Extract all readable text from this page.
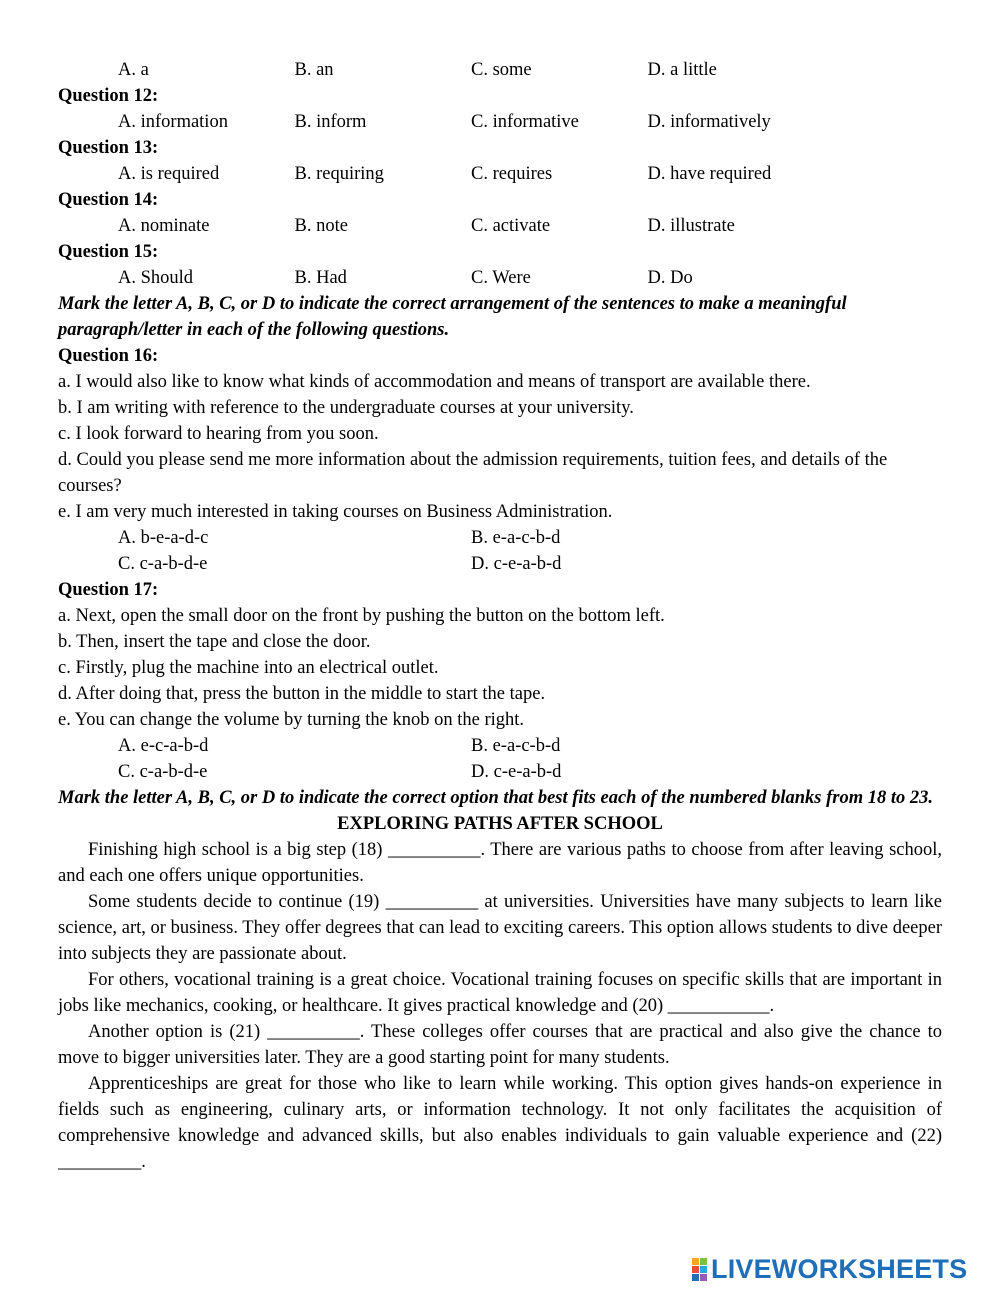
A. a	B. an	C. some	D. a little
Question 12:
A. information	B. inform	C. informative	D. informatively
Question 13:
A. is required	B. requiring	C. requires	D. have required
Question 14:
A. nominate	B. note	C. activate	D. illustrate
Question 15:
A. Should	B. Had	C. Were	D. Do
Mark the letter A, B, C, or D to indicate the correct arrangement of the sentences to make a meaningful paragraph/letter in each of the following questions.
Question 16:
a. I would also like to know what kinds of accommodation and means of transport are available there.
b. I am writing with reference to the undergraduate courses at your university.
c. I look forward to hearing from you soon.
d. Could you please send me more information about the admission requirements, tuition fees, and details of the courses?
e. I am very much interested in taking courses on Business Administration.
A. b-e-a-d-c	B. e-a-c-b-d
C. c-a-b-d-e	D. c-e-a-b-d
Question 17:
a. Next, open the small door on the front by pushing the button on the bottom left.
b. Then, insert the tape and close the door.
c. Firstly, plug the machine into an electrical outlet.
d. After doing that, press the button in the middle to start the tape.
e. You can change the volume by turning the knob on the right.
A. e-c-a-b-d	B. e-a-c-b-d
C. c-a-b-d-e	D. c-e-a-b-d
Mark the letter A, B, C, or D to indicate the correct option that best fits each of the numbered blanks from 18 to 23.
EXPLORING PATHS AFTER SCHOOL
Finishing high school is a big step (18) __________. There are various paths to choose from after leaving school, and each one offers unique opportunities.
Some students decide to continue (19) __________ at universities. Universities have many subjects to learn like science, art, or business. They offer degrees that can lead to exciting careers. This option allows students to dive deeper into subjects they are passionate about.
For others, vocational training is a great choice. Vocational training focuses on specific skills that are important in jobs like mechanics, cooking, or healthcare. It gives practical knowledge and (20) ___________.
Another option is (21) __________. These colleges offer courses that are practical and also give the chance to move to bigger universities later. They are a good starting point for many students.
Apprenticeships are great for those who like to learn while working. This option gives hands-on experience in fields such as engineering, culinary arts, or information technology. It not only facilitates the acquisition of comprehensive knowledge and advanced skills, but also enables individuals to gain valuable experience and (22) _________.
LIVEWORKSHEETS
